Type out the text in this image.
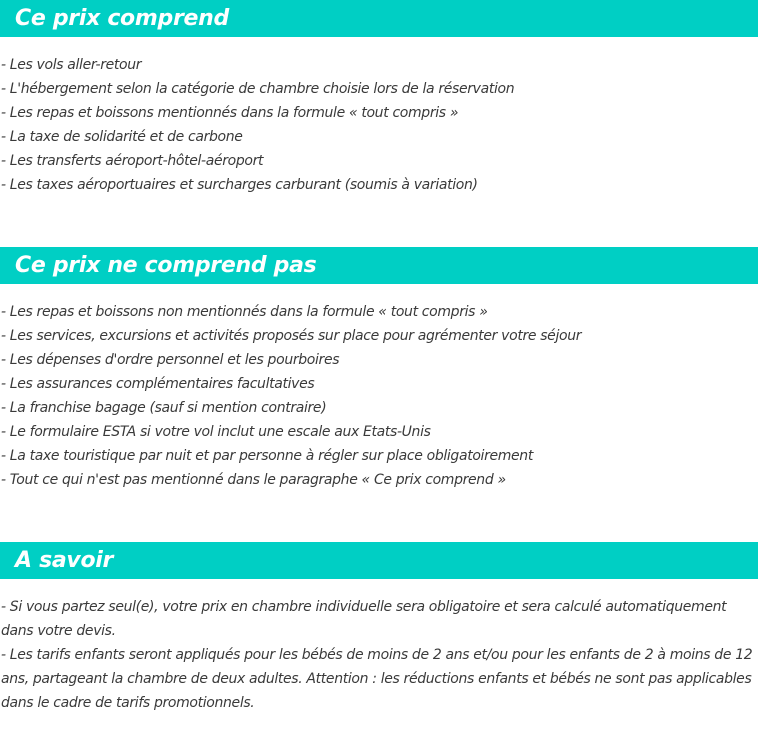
Ce prix comprend
- Les vols aller-retour
- L'hébergement selon la catégorie de chambre choisie lors de la réservation
- Les repas et boissons mentionnés dans la formule « tout compris »
- La taxe de solidarité et de carbone
- Les transferts aéroport-hôtel-aéroport
- Les taxes aéroportuaires et surcharges carburant (soumis à variation)
Ce prix ne comprend pas
- Les repas et boissons non mentionnés dans la formule « tout compris »
- Les services, excursions et activités proposés sur place pour agrémenter votre séjour
- Les dépenses d'ordre personnel et les pourboires
- Les assurances complémentaires facultatives
- La franchise bagage (sauf si mention contraire)
- Le formulaire ESTA si votre vol inclut une escale aux Etats-Unis
- La taxe touristique par nuit et par personne à régler sur place obligatoirement
- Tout ce qui n'est pas mentionné dans le paragraphe « Ce prix comprend »
A savoir
- Si vous partez seul(e), votre prix en chambre individuelle sera obligatoire et sera calculé automatiquement dans votre devis.
- Les tarifs enfants seront appliqués pour les bébés de moins de 2 ans et/ou pour les enfants de 2 à moins de 12 ans, partageant la chambre de deux adultes. Attention : les réductions enfants et bébés ne sont pas applicables dans le cadre de tarifs promotionnels.
